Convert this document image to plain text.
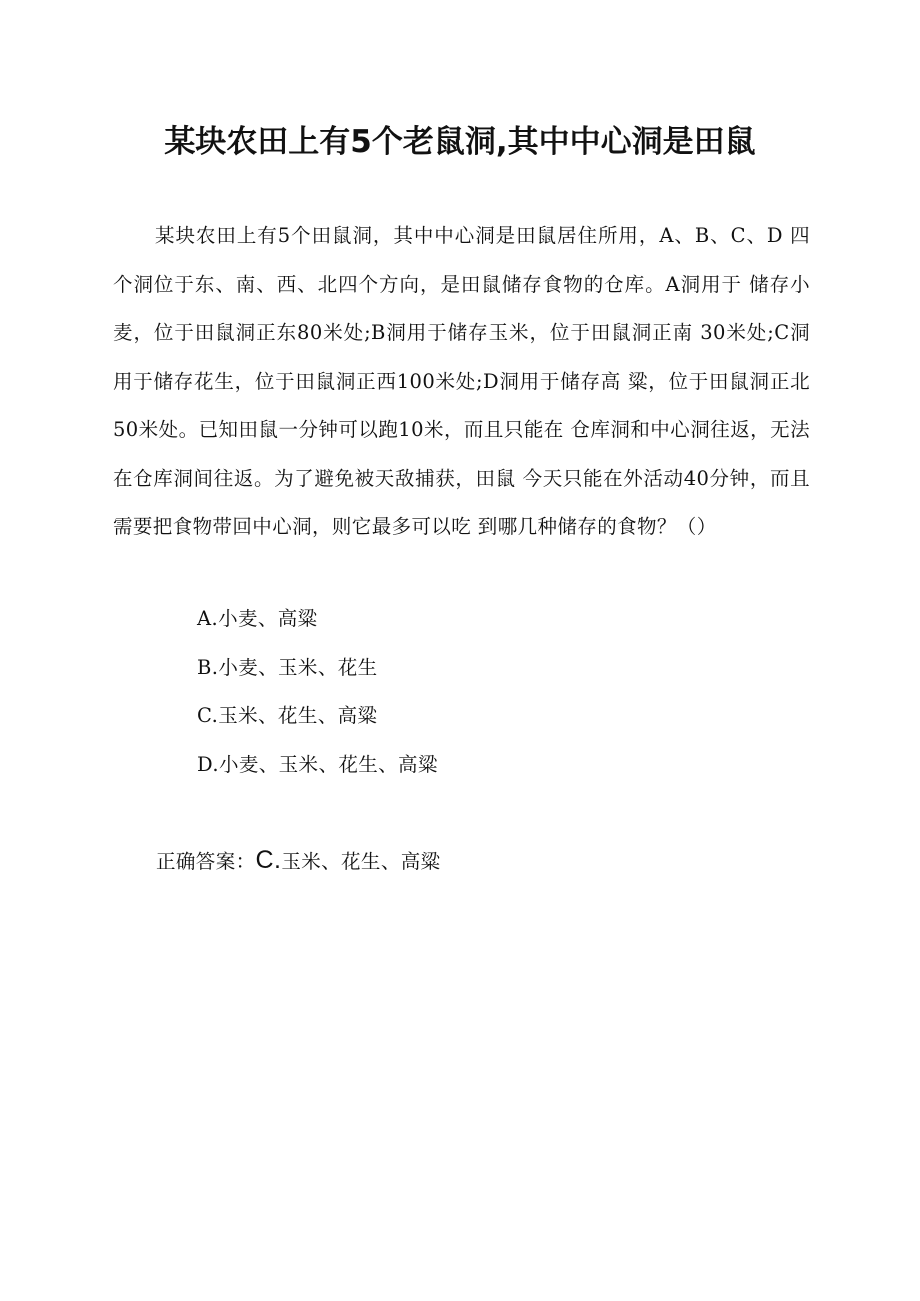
某块农田上有5个老鼠洞,其中中心洞是田鼠

某块农田上有5个田鼠洞，其中中心洞是田鼠居住所用，A、B、C、D 四个洞位于东、南、西、北四个方向，是田鼠储存食物的仓库。A洞用于 储存小麦，位于田鼠洞正东80米处;B洞用于储存玉米，位于田鼠洞正南 30米处;C洞用于储存花生，位于田鼠洞正西100米处;D洞用于储存高 粱，位于田鼠洞正北50米处。已知田鼠一分钟可以跑10米，而且只能在 仓库洞和中心洞往返，无法在仓库洞间往返。为了避免被天敌捕获，田鼠 今天只能在外活动40分钟，而且需要把食物带回中心洞，则它最多可以吃 到哪几种储存的食物？（）

A.小麦、高粱
B.小麦、玉米、花生
C.玉米、花生、高粱
D.小麦、玉米、花生、高粱

正确答案：C.玉米、花生、高粱
